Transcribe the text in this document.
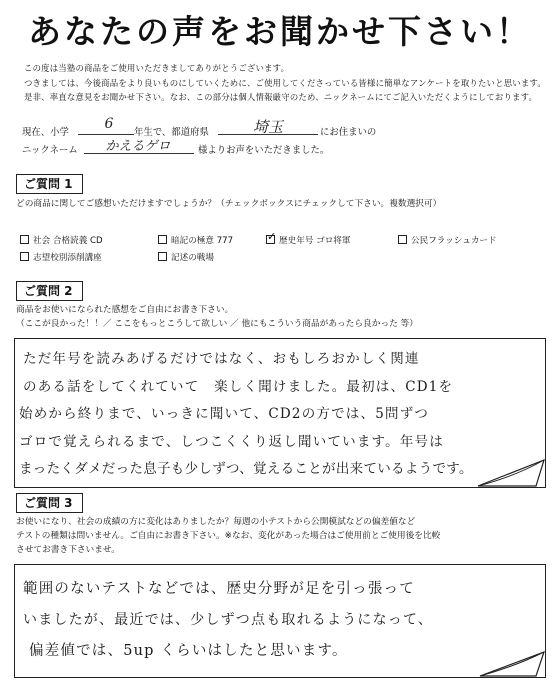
あなたの声をお聞かせ下さい！
この度は当塾の商品をご使用いただきましてありがとうございます。
つきましては、今後商品をより良いものにしていくために、ご使用してくださっている皆様に簡単なアンケートを取りたいと思います。
是非、率直な意見をお聞かせ下さい。なお、この部分は個人情報厳守のため、ニックネームにてご記入いただくようにしております。
現在、小学
6
年生で、都道府県	埼玉	にお住まいの
ニックネーム	かえるゲロ	様よりお声をいただきました。
ご質問 1
どの商品に関してご感想いただけますでしょうか？（チェックボックスにチェックして下さい。複数選択可）
社会 合格読義 CD	暗記の極意 777
✓	歴史年号 ゴロ将軍	公民フラッシュカード
志望校別添削講座	記述の戦場
ご質問 2
商品をお使いになられた感想をご自由にお書き下さい。
（ここが良かった！！／ ここをもっとこうして欲しい ／ 他にもこういう商品があったら良かった 等）
ただ年号を読みあげるだけではなく、おもしろおかしく関連
のある話をしてくれていて　楽しく聞けました。最初は、CD1を
始めから終りまで、いっきに聞いて、CD2の方では、5問ずつ
ゴロで覚えられるまで、しつこくくり返し聞いています。年号は
まったくダメだった息子も少しずつ、覚えることが出来ているようです。
ご質問 3
お使いになり、社会の成績の方に変化はありましたか？毎週の小テストから公開模試などの偏差値など
テストの種類は問いません。ご自由にお書き下さい。※なお、変化があった場合はご使用前とご使用後を比較
させてお書き下さいませ。
範囲のないテストなどでは、歴史分野が足を引っ張って
いましたが、最近では、少しずつ点も取れるようになって、
偏差値では、5up くらいはしたと思います。
